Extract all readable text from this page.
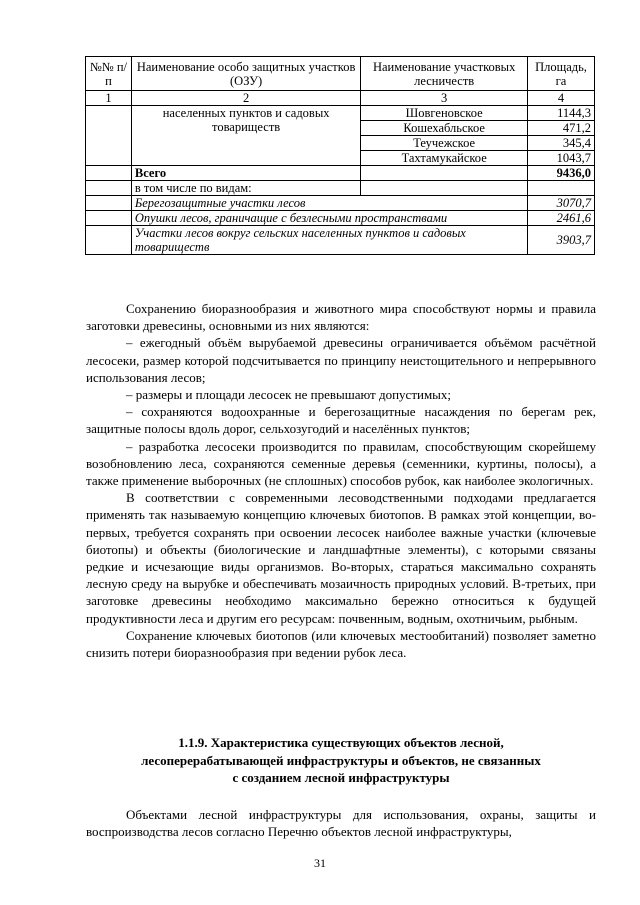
№№ п/п	Наименование особо защитных участков (ОЗУ)	Наименование участковых лесничеств	Площадь, га
1	2	3	4
	населенных пунктов и садовых товариществ	Шовгеновское	1144,3
		Кошехабльское	471,2
		Теучежское	345,4
		Тахтамукайское	1043,7
	Всего		9436,0
	в том числе по видам:		
	Берегозащитные участки лесов		3070,7
	Опушки лесов, граничащие с безлесными пространствами		2461,6
	Участки лесов вокруг сельских населенных пунктов и садовых товариществ		3903,7

Сохранению биоразнообразия и животного мира способствуют нормы и правила заготовки древесины, основными из них являются:

– ежегодный объём вырубаемой древесины ограничивается объёмом расчётной лесосеки, размер которой подсчитывается по принципу неистощительного и непрерывного использования лесов;

– размеры и площади лесосек не превышают допустимых;

– сохраняются водоохранные и берегозащитные насаждения по берегам рек, защитные полосы вдоль дорог, сельхозугодий и населённых пунктов;

– разработка лесосеки производится по правилам, способствующим скорейшему возобновлению леса, сохраняются семенные деревья (семенники, куртины, полосы), а также применение выборочных (не сплошных) способов рубок, как наиболее экологичных.

В соответствии с современными лесоводственными подходами предлагается применять так называемую концепцию ключевых биотопов. В рамках этой концепции, во-первых, требуется сохранять при освоении лесосек наиболее важные участки (ключевые биотопы) и объекты (биологические и ландшафтные элементы), с которыми связаны редкие и исчезающие виды организмов. Во-вторых, стараться максимально сохранять лесную среду на вырубке и обеспечивать мозаичность природных условий. В-третьих, при заготовке древесины необходимо максимально бережно относиться к будущей продуктивности леса и другим его ресурсам: почвенным, водным, охотничьим, рыбным.

Сохранение ключевых биотопов (или ключевых местообитаний) позволяет заметно снизить потери биоразнообразия при ведении рубок леса.

1.1.9. Характеристика существующих объектов лесной,
лесоперерабатывающей инфраструктуры и объектов, не связанных
с созданием лесной инфраструктуры

Объектами лесной инфраструктуры для использования, охраны, защиты и воспроизводства лесов согласно Перечню объектов лесной инфраструктуры,

31
